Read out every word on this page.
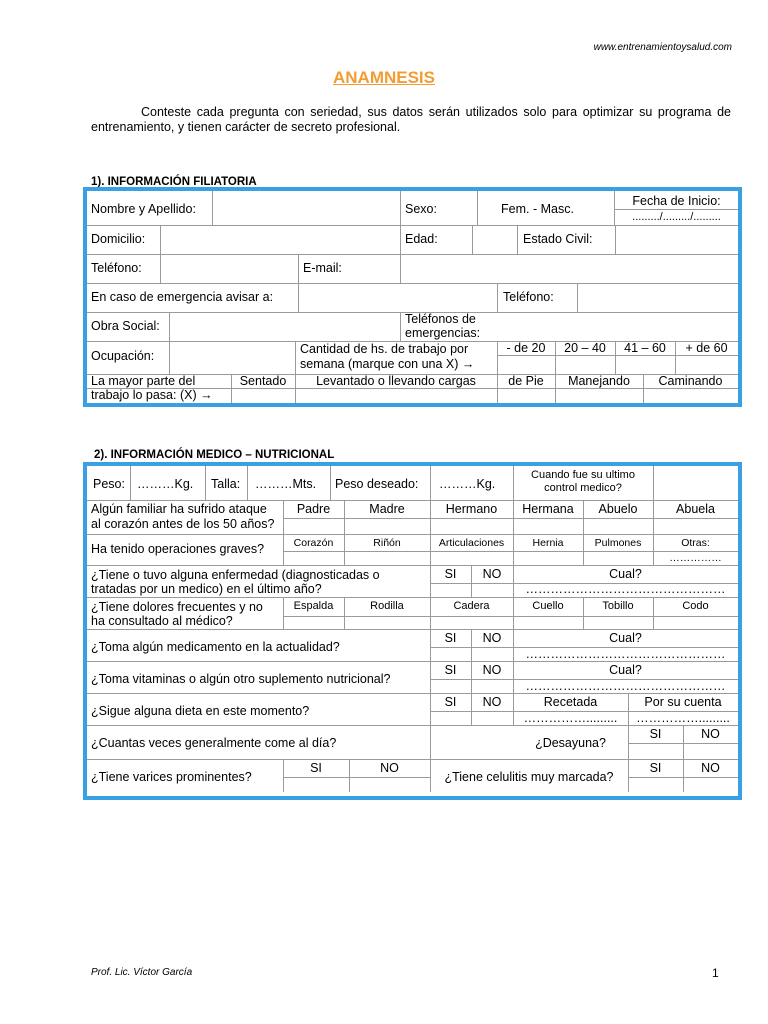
www.entrenamientoysalud.com
ANAMNESIS
Conteste cada pregunta con seriedad, sus datos serán utilizados solo para optimizar su programa de entrenamiento, y tienen carácter de secreto profesional.
1). INFORMACIÓN FILIATORIA
Nombre y Apellido:	Sexo:	Fem. - Masc.
Fecha de Inicio:
........./........./.........
Domicilio:	Edad:	Estado Civil:
Teléfono:	E-mail:
En caso de emergencia avisar a:	Teléfono:
Obra Social:	Teléfonos de
emergencias:
Ocupación:	Cantidad de hs. de trabajo por
semana (marque con una X) →
- de 20	20 – 40	41 – 60	+ de 60
La mayor parte del
trabajo lo pasa: (X) →
Sentado	Levantado o llevando cargas	de Pie	Manejando	Caminando
2). INFORMACIÓN MEDICO – NUTRICIONAL
Peso: ………Kg. Talla: ………Mts. Peso deseado: ………Kg.
Cuando fue su ultimo
control medico?
Algún familiar ha sufrido ataque
al corazón antes de los 50 años?
Padre	Madre	Hermano	Hermana	Abuelo	Abuela
Ha tenido operaciones graves?	Corazón	Riñón	Articulaciones	Hernia	Pulmones	Otras:
……………
¿Tiene o tuvo alguna enfermedad (diagnosticadas o
tratadas por un medico) en el último año?
SI	NO	Cual?
…………………………………………
¿Tiene dolores frecuentes y no
ha consultado al médico?
Espalda	Rodilla	Cadera	Cuello	Tobillo	Codo
¿Toma algún medicamento en la actualidad?
SI	NO	Cual?
…………………………………………
¿Toma vitaminas o algún otro suplemento nutricional?
SI	NO	Cual?
…………………………………………
¿Sigue alguna dieta en este momento?
SI	NO	Recetada	Por su cuenta
…………….........	…………….........
¿Cuantas veces generalmente come al día?	¿Desayuna?
SI	NO
¿Tiene varices prominentes?
SI	NO
¿Tiene celulitis muy marcada?
SI	NO
Prof. Lic. Víctor García	1
